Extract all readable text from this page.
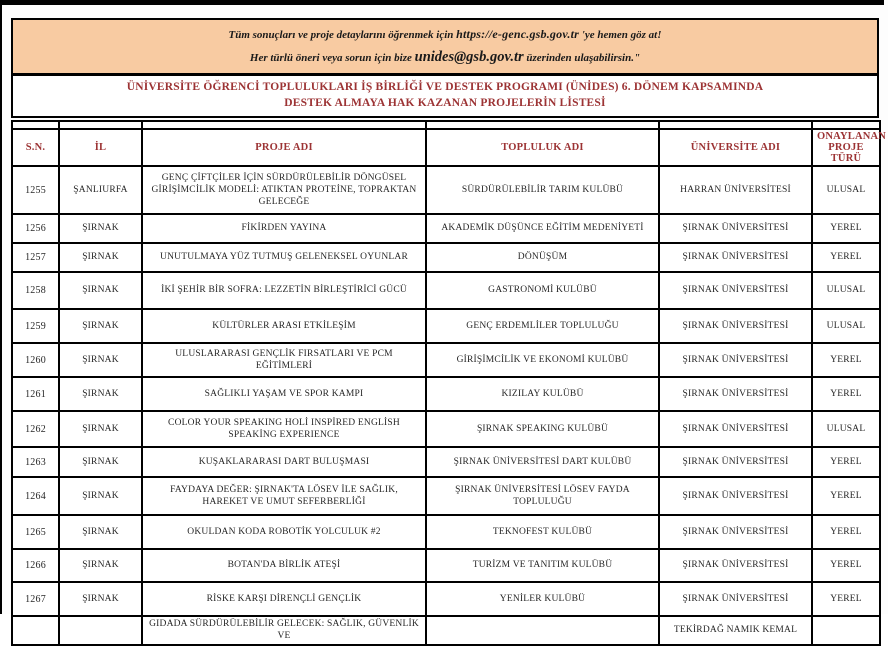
Tüm sonuçları ve proje detaylarını öğrenmek için https://e-genc.gsb.gov.tr 'ye hemen göz at!

Her türlü öneri veya sorun için bize unides@gsb.gov.tr üzerinden ulaşabilirsin."

ÜNİVERSİTE ÖĞRENCİ TOPLULUKLARI İŞ BİRLİĞİ VE DESTEK PROGRAMI (ÜNİDES) 6. DÖNEM KAPSAMINDA
DESTEK ALMAYA HAK KAZANAN PROJELERİN LİSTESİ

S.N.	İL	PROJE ADI	TOPLULUK ADI	ÜNİVERSİTE ADI	ONAYLANAN PROJE TÜRÜ
1255	ŞANLIURFA	GENÇ ÇİFTÇİLER İÇİN SÜRDÜRÜLEBİLİR DÖNGÜSEL GİRİŞİMCİLİK MODELİ: ATIKTAN PROTEİNE, TOPRAKTAN GELECEĞE	SÜRDÜRÜLEBİLİR TARIM KULÜBÜ	HARRAN ÜNİVERSİTESİ	ULUSAL
1256	ŞIRNAK	FİKİRDEN YAYINA	AKADEMİK DÜŞÜNCE EĞİTİM MEDENİYETİ	ŞIRNAK ÜNİVERSİTESİ	YEREL
1257	ŞIRNAK	UNUTULMAYA YÜZ TUTMUŞ GELENEKSEL OYUNLAR	DÖNÜŞÜM	ŞIRNAK ÜNİVERSİTESİ	YEREL
1258	ŞIRNAK	İKİ ŞEHİR BİR SOFRA: LEZZETİN BİRLEŞTİRİCİ GÜCÜ	GASTRONOMİ KULÜBÜ	ŞIRNAK ÜNİVERSİTESİ	ULUSAL
1259	ŞIRNAK	KÜLTÜRLER ARASI ETKİLEŞİM	GENÇ ERDEMLİLER TOPLULUĞU	ŞIRNAK ÜNİVERSİTESİ	ULUSAL
1260	ŞIRNAK	ULUSLARARASI GENÇLİK FIRSATLARI VE PCM EĞİTİMLERİ	GİRİŞİMCİLİK VE EKONOMİ KULÜBÜ	ŞIRNAK ÜNİVERSİTESİ	YEREL
1261	ŞIRNAK	SAĞLIKLI YAŞAM VE SPOR KAMPI	KIZILAY KULÜBÜ	ŞIRNAK ÜNİVERSİTESİ	YEREL
1262	ŞIRNAK	COLOR YOUR SPEAKING HOLİ INSPİRED ENGLİSH SPEAKİNG EXPERIENCE	ŞIRNAK SPEAKING KULÜBÜ	ŞIRNAK ÜNİVERSİTESİ	ULUSAL
1263	ŞIRNAK	KUŞAKLARARASI DART BULUŞMASI	ŞIRNAK ÜNİVERSİTESİ DART KULÜBÜ	ŞIRNAK ÜNİVERSİTESİ	YEREL
1264	ŞIRNAK	FAYDAYA DEĞER: ŞIRNAK'TA LÖSEV İLE SAĞLIK, HAREKET VE UMUT SEFERBERLİĞİ	ŞIRNAK ÜNİVERSİTESİ LÖSEV FAYDA TOPLULUĞU	ŞIRNAK ÜNİVERSİTESİ	YEREL
1265	ŞIRNAK	OKULDAN KODA ROBOTİK YOLCULUK #2	TEKNOFEST KULÜBÜ	ŞIRNAK ÜNİVERSİTESİ	YEREL
1266	ŞIRNAK	BOTAN'DA BİRLİK ATEŞİ	TURİZM VE TANITIM KULÜBÜ	ŞIRNAK ÜNİVERSİTESİ	YEREL
1267	ŞIRNAK	RİSKE KARŞI DİRENÇLİ GENÇLİK	YENİLER KULÜBÜ	ŞIRNAK ÜNİVERSİTESİ	YEREL
		GIDADA SÜRDÜRÜLEBİLİR GELECEK: SAĞLIK, GÜVENLİK VE		TEKİRDAĞ NAMIK KEMAL	
